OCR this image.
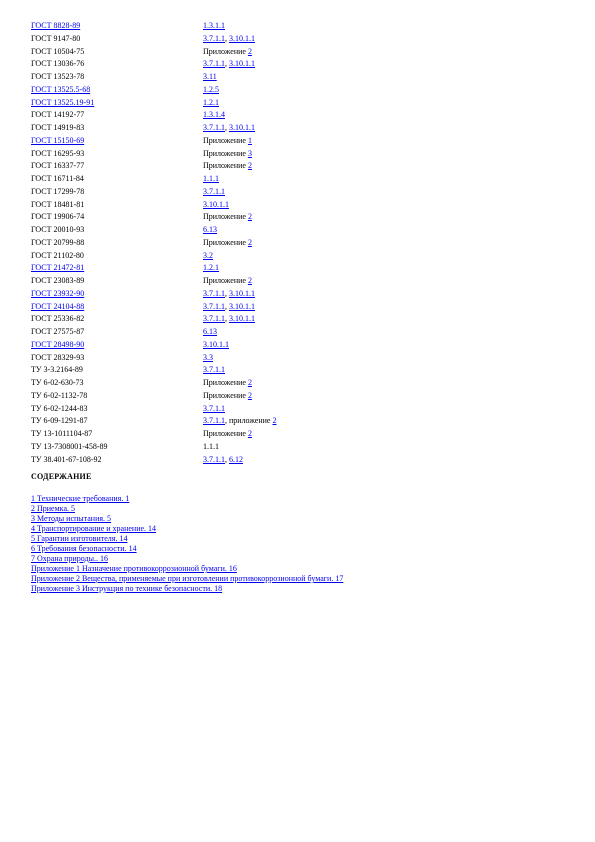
ГОСТ 8828-89	1.3.1.1
ГОСТ 9147-80	3.7.1.1, 3.10.1.1
ГОСТ 10504-75	Приложение 2
ГОСТ 13036-76	3.7.1.1, 3.10.1.1
ГОСТ 13523-78	3.11
ГОСТ 13525.5-68	1.2.5
ГОСТ 13525.19-91	1.2.1
ГОСТ 14192-77	1.3.1.4
ГОСТ 14919-83	3.7.1.1, 3.10.1.1
ГОСТ 15150-69	Приложение 1
ГОСТ 16295-93	Приложение 3
ГОСТ 16337-77	Приложение 2
ГОСТ 16711-84	1.1.1
ГОСТ 17299-78	3.7.1.1
ГОСТ 18481-81	3.10.1.1
ГОСТ 19906-74	Приложение 2
ГОСТ 20010-93	6.13
ГОСТ 20799-88	Приложение 2
ГОСТ 21102-80	3.2
ГОСТ 21472-81	1.2.1
ГОСТ 23083-89	Приложение 2
ГОСТ 23932-90	3.7.1.1, 3.10.1.1
ГОСТ 24104-88	3.7.1.1, 3.10.1.1
ГОСТ 25336-82	3.7.1.1, 3.10.1.1
ГОСТ 27575-87	6.13
ГОСТ 28498-90	3.10.1.1
ГОСТ 28329-93	3.3
ТУ 3-3.2164-89	3.7.1.1
ТУ 6-02-630-73	Приложение 2
ТУ 6-02-1132-78	Приложение 2
ТУ 6-02-1244-83	3.7.1.1
ТУ 6-09-1291-87	3.7.1.1, приложение 2
ТУ 13-1011104-87	Приложение 2
ТУ 13-7308001-458-89	1.1.1
ТУ 38.401-67-108-92	3.7.1.1, 6.12
СОДЕРЖАНИЕ
1 Технические требования. 1
2 Приемка. 5
3 Методы испытания. 5
4 Транспортирование и хранение. 14
5 Гарантии изготовителя. 14
6 Требования безопасности. 14
7 Охрана природы.. 16
Приложение 1 Назначение противокоррозионной бумаги. 16
Приложение 2 Вещества, применяемые при изготовлении противокоррозионной бумаги. 17
Приложение 3 Инструкция по технике безопасности. 18
